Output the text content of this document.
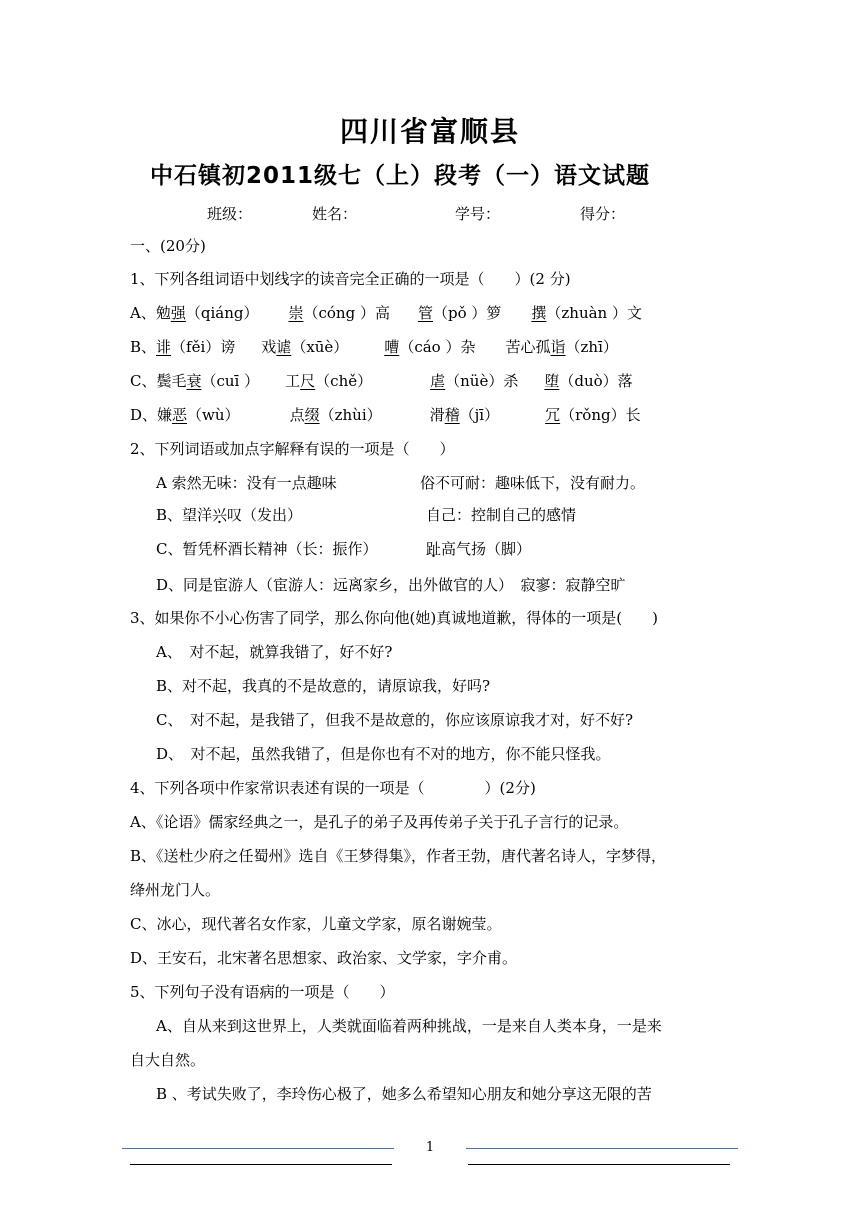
四川省富顺县
中石镇初2011级七（上）段考（一）语文试题
班级：	姓名：	学号：	得分：
一、(20分)
1、下列各组词语中划线字的读音完全正确的一项是（　　）(2 分)
A、勉强（qiáng） 崇（cóng ）高 管（pǒ ）箩 撰（zhuàn ）文
B、诽（fěi）谤 戏谑（xūè） 嘈（cáo ）杂 苦心孤诣（zhī）
C、鬓毛衰（cuī ） 工尺（chě）	虐（nüè）杀 堕（duò）落
D、嫌恶（wù）	点缀（zhùi）	滑稽（jī）	冗（rǒng）长
2、下列词语或加点字解释有误的一项是（　　）
A 索然无味：没有一点趣味	俗不可耐：趣味低下，没有耐力。
B、望洋兴叹（发出）	自己：控制自己的感情
C、暂凭杯酒长精神（长：振作）	趾高气扬（脚）
D、同是宦游人（宦游人：远离家乡，出外做官的人）　 寂寥：寂静空旷
3、如果你不小心伤害了同学，那么你向他(她)真诚地道歉，得体的一项是(　　)
A、　对不起，就算我错了，好不好?
B、对不起，我真的不是故意的，请原谅我，好吗?
C、　对不起，是我错了，但我不是故意的，你应该原谅我才对，好不好?
D、　对不起，虽然我错了，但是你也有不对的地方，你不能只怪我。
4、下列各项中作家常识表述有误的一项是（　　　　）(2分)
A、《论语》儒家经典之一，是孔子的弟子及再传弟子关于孔子言行的记录。
B、《送杜少府之任蜀州》选自《王梦得集》，作者王勃，唐代著名诗人，字梦得，
绛州龙门人。
C、冰心，现代著名女作家，儿童文学家，原名谢婉莹。
D、王安石，北宋著名思想家、政治家、文学家，字介甫。
5、下列句子没有语病的一项是（　　）
A、自从来到这世界上，人类就面临着两种挑战，一是来自人类本身，一是来
自大自然。
B 、考试失败了，李玲伤心极了，她多么希望知心朋友和她分享这无限的苦
1
